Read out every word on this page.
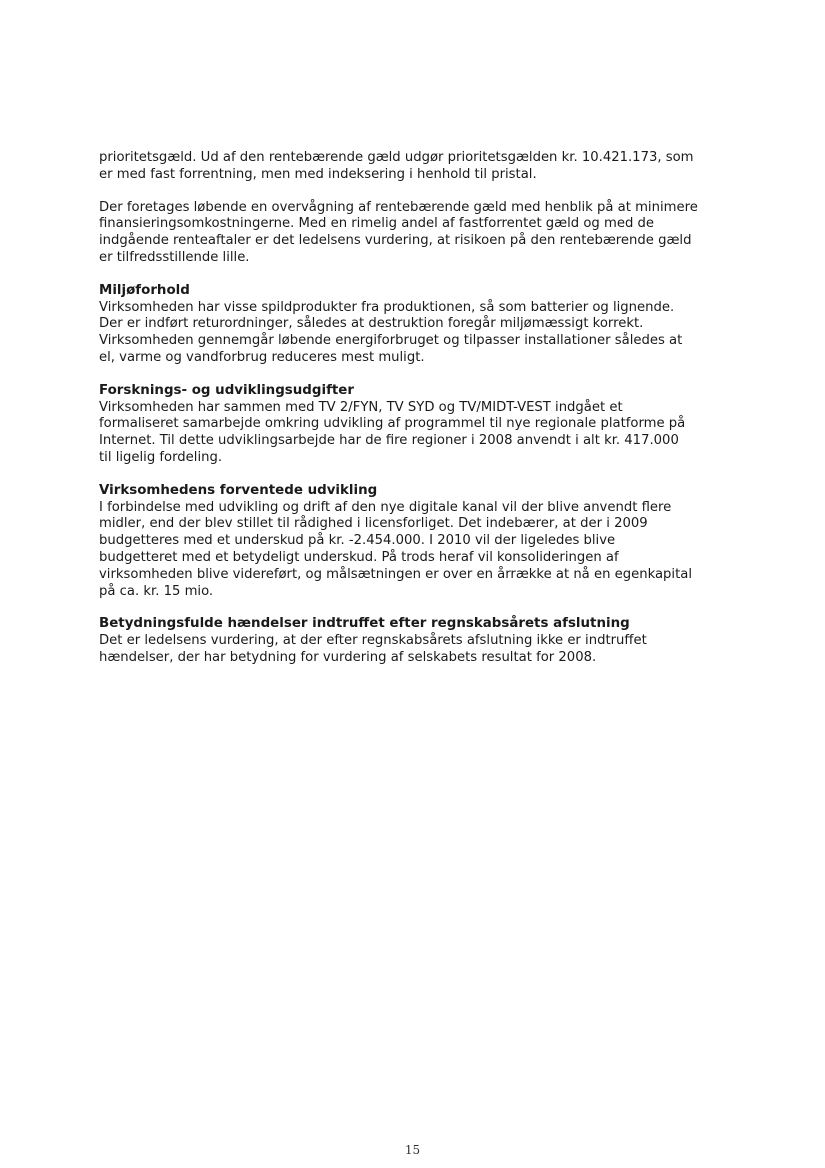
prioritetsgæld. Ud af den rentebærende gæld udgør prioritetsgælden kr. 10.421.173, som
er med fast forrentning, men med indeksering i henhold til pristal.

Der foretages løbende en overvågning af rentebærende gæld med henblik på at minimere
finansieringsomkostningerne. Med en rimelig andel af fastforrentet gæld og med de
indgående renteaftaler er det ledelsens vurdering, at risikoen på den rentebærende gæld
er tilfredsstillende lille.

Miljøforhold

Virksomheden har visse spildprodukter fra produktionen, så som batterier og lignende.
Der er indført returordninger, således at destruktion foregår miljømæssigt korrekt.
Virksomheden gennemgår løbende energiforbruget og tilpasser installationer således at
el, varme og vandforbrug reduceres mest muligt.

Forsknings- og udviklingsudgifter

Virksomheden har sammen med TV 2/FYN, TV SYD og TV/MIDT-VEST indgået et
formaliseret samarbejde omkring udvikling af programmel til nye regionale platforme på
Internet. Til dette udviklingsarbejde har de fire regioner i 2008 anvendt i alt kr. 417.000
til ligelig fordeling.

Virksomhedens forventede udvikling

I forbindelse med udvikling og drift af den nye digitale kanal vil der blive anvendt flere
midler, end der blev stillet til rådighed i licensforliget. Det indebærer, at der i 2009
budgetteres med et underskud på kr. -2.454.000. I 2010 vil der ligeledes blive
budgetteret med et betydeligt underskud. På trods heraf vil konsolideringen af
virksomheden blive videreført, og målsætningen er over en årrække at nå en egenkapital
på ca. kr. 15 mio.

Betydningsfulde hændelser indtruffet efter regnskabsårets afslutning

Det er ledelsens vurdering, at der efter regnskabsårets afslutning ikke er indtruffet
hændelser, der har betydning for vurdering af selskabets resultat for 2008.

15
